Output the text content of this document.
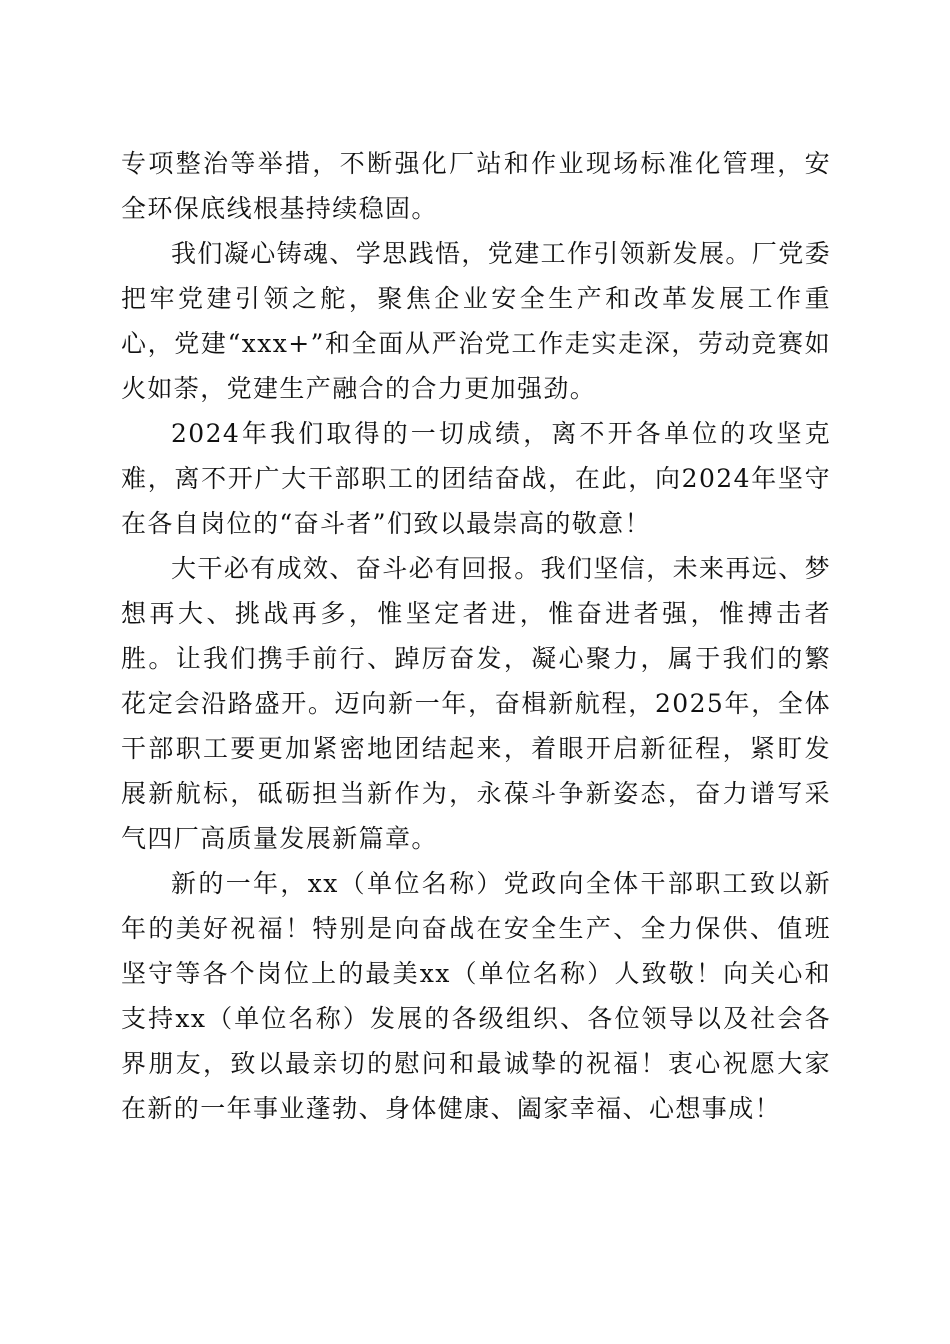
专项整治等举措，不断强化厂站和作业现场标准化管理，安全环保底线根基持续稳固。

我们凝心铸魂、学思践悟，党建工作引领新发展。厂党委把牢党建引领之舵，聚焦企业安全生产和改革发展工作重心，党建“xxx+”和全面从严治党工作走实走深，劳动竞赛如火如荼，党建生产融合的合力更加强劲。

2024年我们取得的一切成绩，离不开各单位的攻坚克难，离不开广大干部职工的团结奋战，在此，向2024年坚守在各自岗位的“奋斗者”们致以最崇高的敬意！

大干必有成效、奋斗必有回报。我们坚信，未来再远、梦想再大、挑战再多，惟坚定者进，惟奋进者强，惟搏击者胜。让我们携手前行、踔厉奋发，凝心聚力，属于我们的繁花定会沿路盛开。迈向新一年，奋楫新航程，2025年，全体干部职工要更加紧密地团结起来，着眼开启新征程，紧盯发展新航标，砥砺担当新作为，永葆斗争新姿态，奋力谱写采气四厂高质量发展新篇章。

新的一年，xx（单位名称）党政向全体干部职工致以新年的美好祝福！特别是向奋战在安全生产、全力保供、值班坚守等各个岗位上的最美xx（单位名称）人致敬！向关心和支持xx（单位名称）发展的各级组织、各位领导以及社会各界朋友，致以最亲切的慰问和最诚挚的祝福！衷心祝愿大家在新的一年事业蓬勃、身体健康、阖家幸福、心想事成！
